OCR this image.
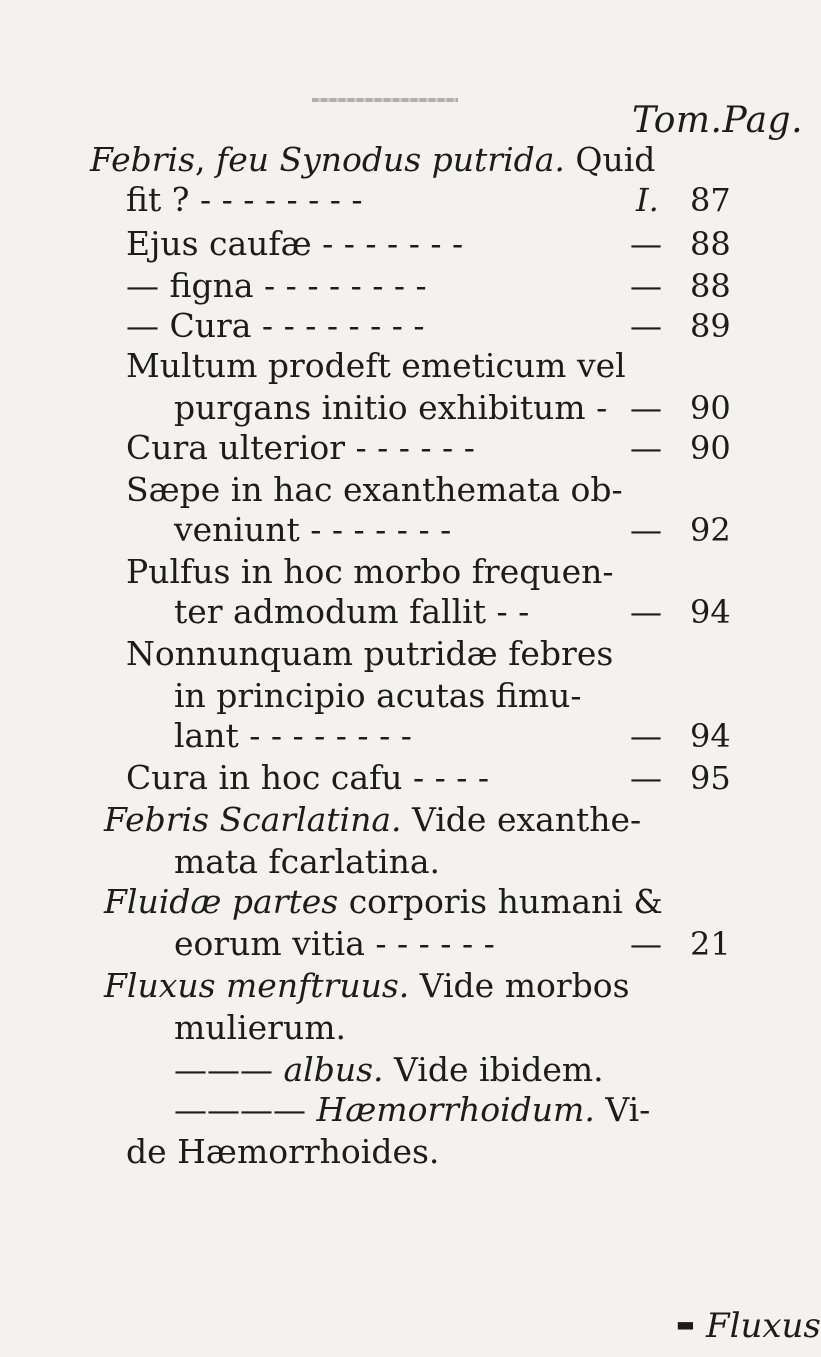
Tom.Pag.
Febris, feu Synodus putrida. Quid
fit ? - - - - - - - -	I. 87
Ejus caufæ - - - - - - -	— 88
— figna - - - - - - - -	— 88
— Cura - - - - - - - -	— 89
Multum prodeft emeticum vel
purgans initio exhibitum - — 90
Cura ulterior - - - - - -	— 90
Sæpe in hac exanthemata ob-
veniunt - - - - - - -	— 92
Pulfus in hoc morbo frequen-
ter admodum fallit - -	— 94
Nonnunquam putridæ febres
in principio acutas fimu-
lant - - - - - - - -	— 94
Cura in hoc cafu - - - -	— 95
Febris Scarlatina. Vide exanthe-
mata fcarlatina.
Fluidæ partes corporis humani &
eorum vitia - - - - - -	— 21
Fluxus menftruus. Vide morbos
mulierum.
——— albus. Vide ibidem.
———— Hæmorrhoidum. Vi-
de Hæmorrhoides.
▬ Fluxus
